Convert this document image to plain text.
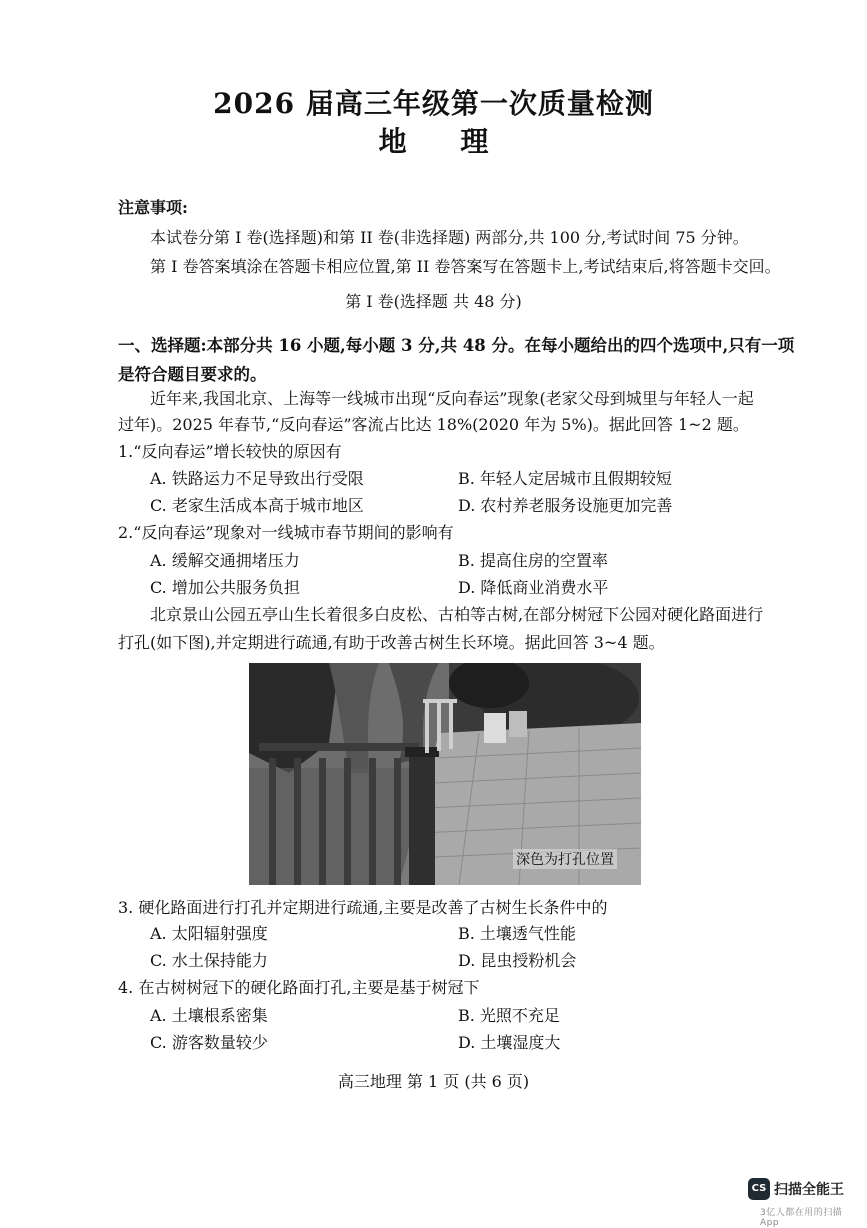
2026 届高三年级第一次质量检测
地 理
注意事项:
本试卷分第 I 卷(选择题)和第 II 卷(非选择题) 两部分,共 100 分,考试时间 75 分钟。
第 I 卷答案填涂在答题卡相应位置,第 II 卷答案写在答题卡上,考试结束后,将答题卡交回。
第 I 卷(选择题 共 48 分)
一、选择题:本部分共 16 小题,每小题 3 分,共 48 分。在每小题给出的四个选项中,只有一项
是符合题目要求的。
近年来,我国北京、上海等一线城市出现“反向春运”现象(老家父母到城里与年轻人一起
过年)。2025 年春节,“反向春运”客流占比达 18%(2020 年为 5%)。据此回答 1~2 题。
1.“反向春运”增长较快的原因有
A. 铁路运力不足导致出行受限	B. 年轻人定居城市且假期较短
C. 老家生活成本高于城市地区	D. 农村养老服务设施更加完善
2.“反向春运”现象对一线城市春节期间的影响有
A. 缓解交通拥堵压力	B. 提高住房的空置率
C. 增加公共服务负担	D. 降低商业消费水平
北京景山公园五亭山生长着很多白皮松、古柏等古树,在部分树冠下公园对硬化路面进行
打孔(如下图),并定期进行疏通,有助于改善古树生长环境。据此回答 3~4 题。
深色为打孔位置
3. 硬化路面进行打孔并定期进行疏通,主要是改善了古树生长条件中的
A. 太阳辐射强度	B. 土壤透气性能
C. 水土保持能力	D. 昆虫授粉机会
4. 在古树树冠下的硬化路面打孔,主要是基于树冠下
A. 土壤根系密集	B. 光照不充足
C. 游客数量较少	D. 土壤湿度大
高三地理 第 1 页 (共 6 页)
CS 扫描全能王
3亿人都在用的扫描App
